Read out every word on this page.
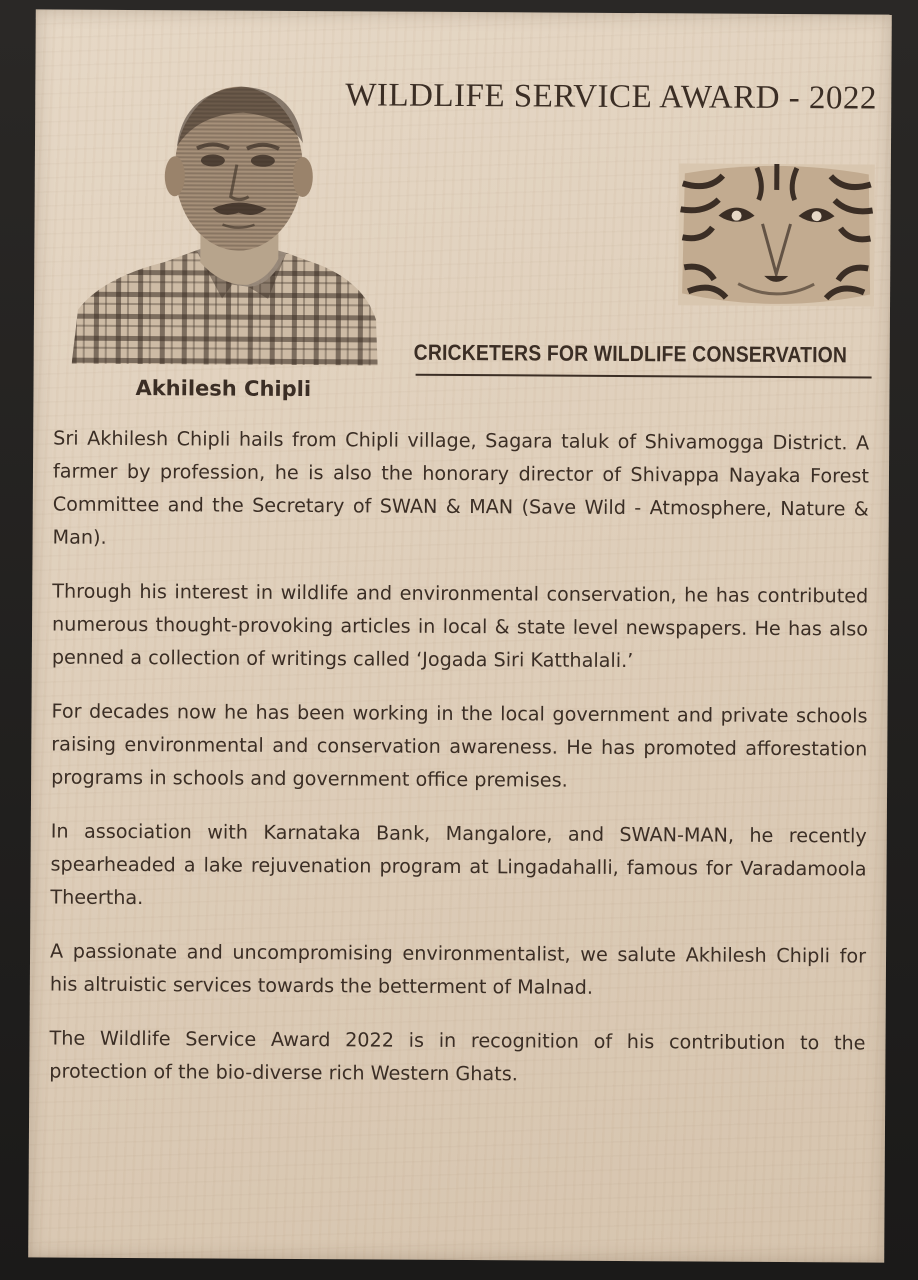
WILDLIFE SERVICE AWARD - 2022
CRICKETERS FOR WILDLIFE CONSERVATION
Akhilesh Chipli

Sri Akhilesh Chipli hails from Chipli village, Sagara taluk of Shivamogga District. A farmer by profession, he is also the honorary director of Shivappa Nayaka Forest Committee and the Secretary of SWAN & MAN (Save Wild - Atmosphere, Nature & Man).

Through his interest in wildlife and environmental conservation, he has contributed numerous thought-provoking articles in local & state level newspapers. He has also penned a collection of writings called ‘Jogada Siri Katthalali.’

For decades now he has been working in the local government and private schools raising environmental and conservation awareness. He has promoted afforestation programs in schools and government office premises.

In association with Karnataka Bank, Mangalore, and SWAN-MAN, he recently spearheaded a lake rejuvenation program at Lingadahalli, famous for Varadamoola Theertha.

A passionate and uncompromising environmentalist, we salute Akhilesh Chipli for his altruistic services towards the betterment of Malnad.

The Wildlife Service Award 2022 is in recognition of his contribution to the protection of the bio-diverse rich Western Ghats.
